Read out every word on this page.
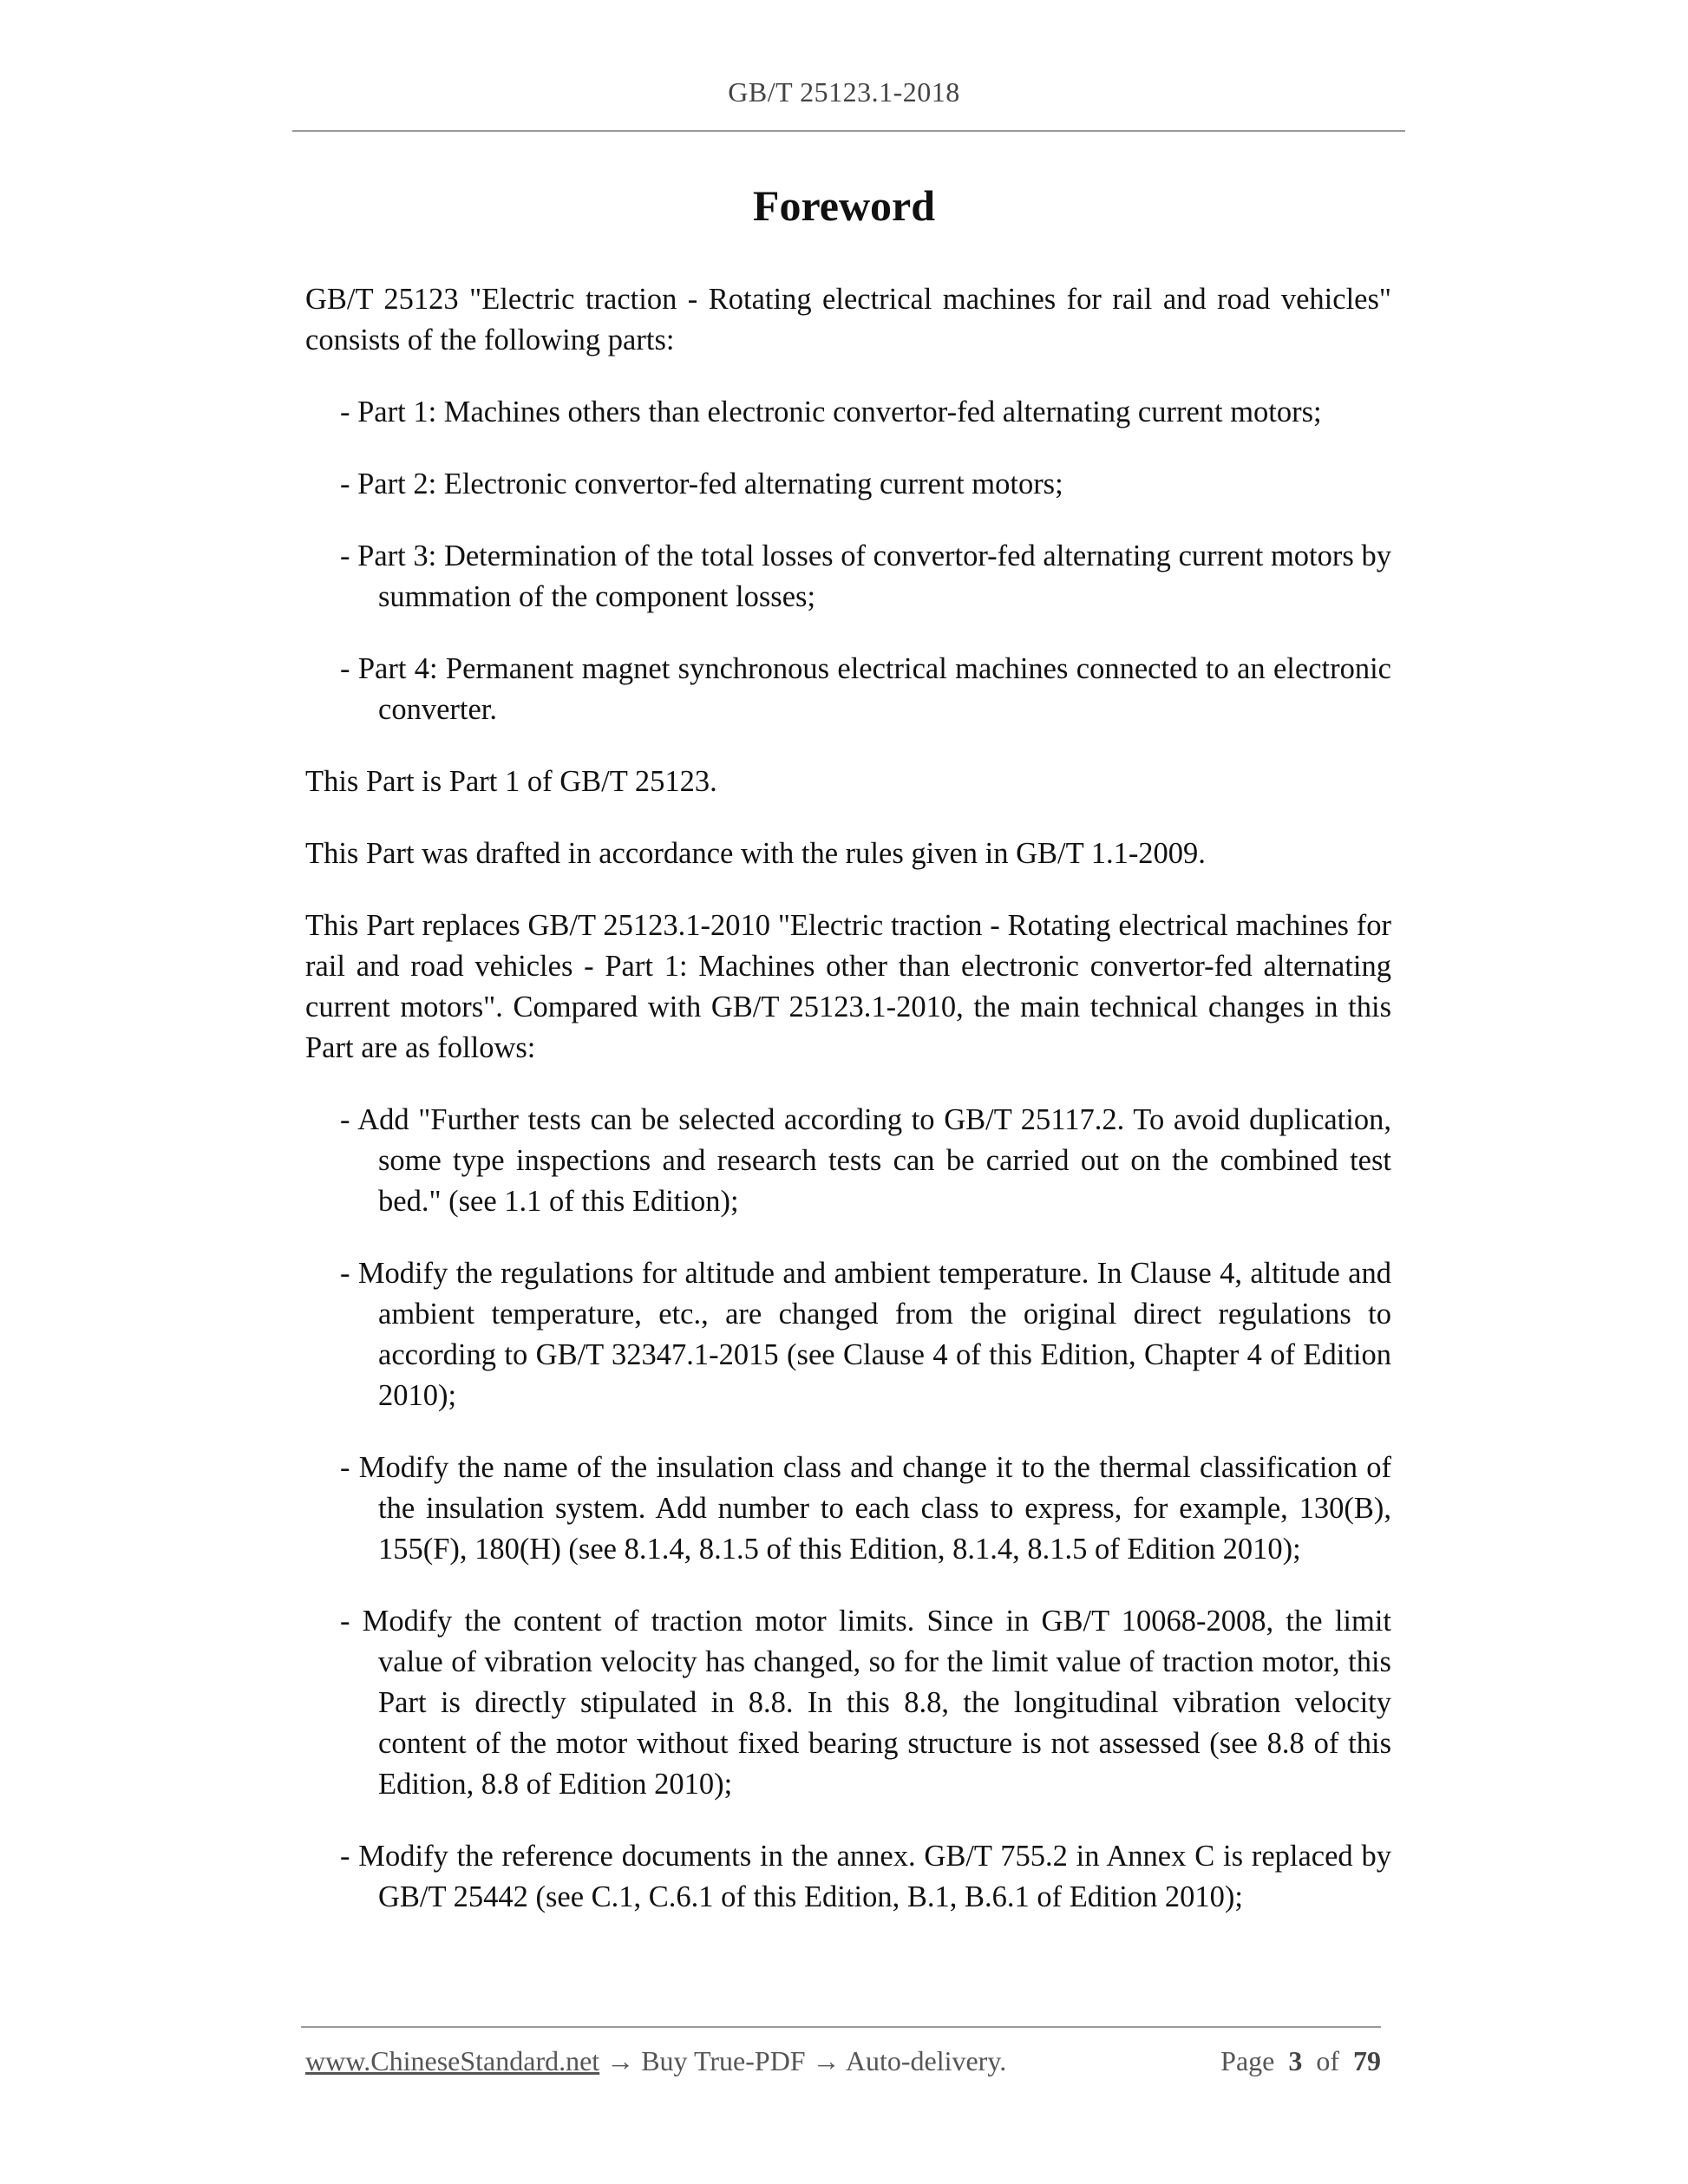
GB/T 25123.1-2018
Foreword

GB/T 25123 "Electric traction - Rotating electrical machines for rail and road vehicles" consists of the following parts:

- Part 1: Machines others than electronic convertor-fed alternating current motors;

- Part 2: Electronic convertor-fed alternating current motors;

- Part 3: Determination of the total losses of convertor-fed alternating current motors by summation of the component losses;

- Part 4: Permanent magnet synchronous electrical machines connected to an electronic converter.

This Part is Part 1 of GB/T 25123.

This Part was drafted in accordance with the rules given in GB/T 1.1-2009.

This Part replaces GB/T 25123.1-2010 "Electric traction - Rotating electrical machines for rail and road vehicles - Part 1: Machines other than electronic convertor-fed alternating current motors". Compared with GB/T 25123.1-2010, the main technical changes in this Part are as follows:

- Add "Further tests can be selected according to GB/T 25117.2. To avoid duplication, some type inspections and research tests can be carried out on the combined test bed." (see 1.1 of this Edition);

- Modify the regulations for altitude and ambient temperature. In Clause 4, altitude and ambient temperature, etc., are changed from the original direct regulations to according to GB/T 32347.1-2015 (see Clause 4 of this Edition, Chapter 4 of Edition 2010);

- Modify the name of the insulation class and change it to the thermal classification of the insulation system. Add number to each class to express, for example, 130(B), 155(F), 180(H) (see 8.1.4, 8.1.5 of this Edition, 8.1.4, 8.1.5 of Edition 2010);

- Modify the content of traction motor limits. Since in GB/T 10068-2008, the limit value of vibration velocity has changed, so for the limit value of traction motor, this Part is directly stipulated in 8.8. In this 8.8, the longitudinal vibration velocity content of the motor without fixed bearing structure is not assessed (see 8.8 of this Edition, 8.8 of Edition 2010);

- Modify the reference documents in the annex. GB/T 755.2 in Annex C is replaced by GB/T 25442 (see C.1, C.6.1 of this Edition, B.1, B.6.1 of Edition 2010);

www.ChineseStandard.net → Buy True-PDF → Auto-delivery.	Page 3 of 79
